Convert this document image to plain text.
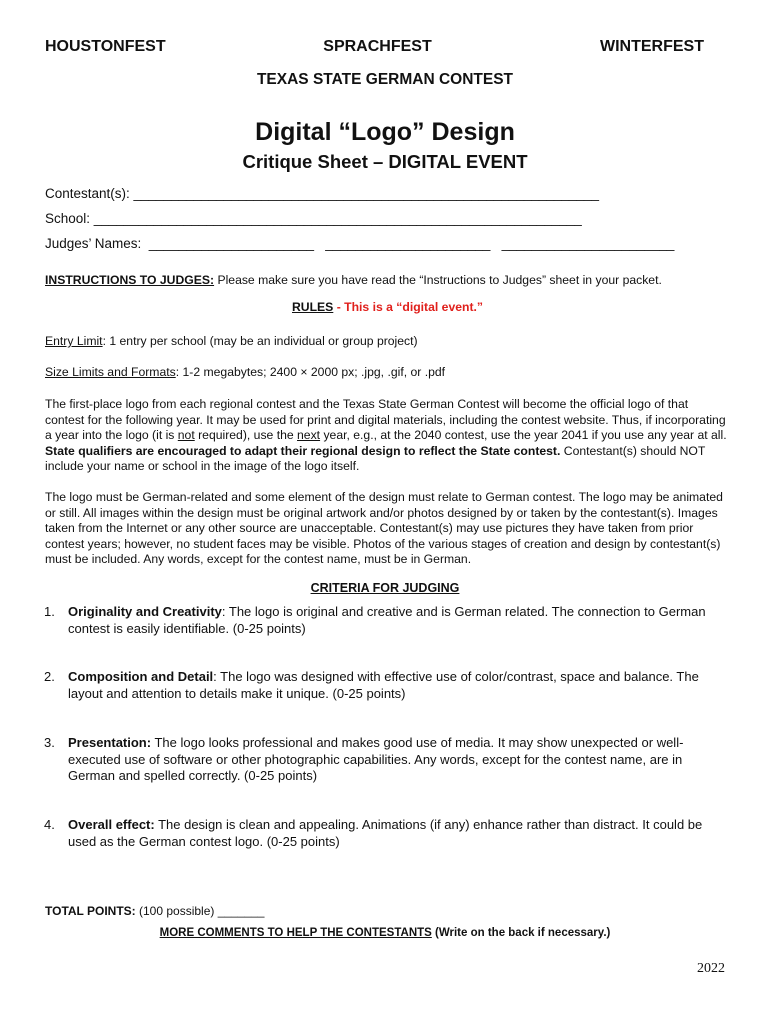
HOUSTONFEST	SPRACHFEST	WINTERFEST
TEXAS STATE GERMAN CONTEST
Digital “Logo” Design
Critique Sheet – DIGITAL EVENT
Contestant(s): ______________________________________________________________
School: _________________________________________________________________
Judges’ Names:  ______________________   ______________________   _______________________
INSTRUCTIONS TO JUDGES: Please make sure you have read the “Instructions to Judges” sheet in your packet.
RULES - This is a “digital event.”
Entry Limit: 1 entry per school (may be an individual or group project)
Size Limits and Formats: 1-2 megabytes; 2400 × 2000 px; .jpg, .gif, or .pdf
The first-place logo from each regional contest and the Texas State German Contest will become the official logo of that contest for the following year. It may be used for print and digital materials, including the contest website. Thus, if incorporating a year into the logo (it is not required), use the next year, e.g., at the 2040 contest, use the year 2041 if you use any year at all. State qualifiers are encouraged to adapt their regional design to reflect the State contest. Contestant(s) should NOT include your name or school in the image of the logo itself.
The logo must be German-related and some element of the design must relate to German contest. The logo may be animated or still. All images within the design must be original artwork and/or photos designed by or taken by the contestant(s). Images taken from the Internet or any other source are unacceptable. Contestant(s) may use pictures they have taken from prior contest years; however, no student faces may be visible. Photos of the various stages of creation and design by contestant(s) must be included. Any words, except for the contest name, must be in German.
CRITERIA FOR JUDGING
1. Originality and Creativity: The logo is original and creative and is German related. The connection to German contest is easily identifiable. (0-25 points)
2. Composition and Detail: The logo was designed with effective use of color/contrast, space and balance. The layout and attention to details make it unique. (0-25 points)
3. Presentation: The logo looks professional and makes good use of media. It may show unexpected or well-executed use of software or other photographic capabilities. Any words, except for the contest name, are in German and spelled correctly. (0-25 points)
4. Overall effect: The design is clean and appealing. Animations (if any) enhance rather than distract. It could be used as the German contest logo. (0-25 points)
TOTAL POINTS: (100 possible) _______
MORE COMMENTS TO HELP THE CONTESTANTS (Write on the back if necessary.)
2022
